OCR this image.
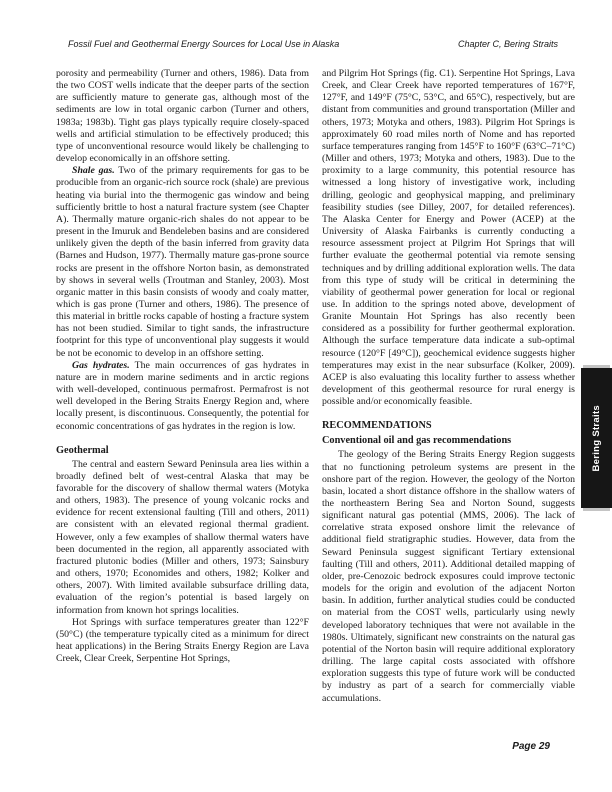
Fossil Fuel and Geothermal Energy Sources for Local Use in Alaska	Chapter C, Bering Straits

porosity and permeability (Turner and others, 1986). Data from the two COST wells indicate that the deeper parts of the section are sufficiently mature to generate gas, although most of the sediments are low in total organic carbon (Turner and others, 1983a; 1983b). Tight gas plays typically require closely-spaced wells and artificial stimulation to be effectively produced; this type of unconventional resource would likely be challenging to develop economically in an offshore setting.

Shale gas. Two of the primary requirements for gas to be producible from an organic-rich source rock (shale) are previous heating via burial into the thermogenic gas window and being sufficiently brittle to host a natural fracture system (see Chapter A). Thermally mature organic-rich shales do not appear to be present in the Imuruk and Bendeleben basins and are considered unlikely given the depth of the basin inferred from gravity data (Barnes and Hudson, 1977). Thermally mature gas-prone source rocks are present in the offshore Norton basin, as demonstrated by shows in several wells (Troutman and Stanley, 2003). Most organic matter in this basin consists of woody and coaly matter, which is gas prone (Turner and others, 1986). The presence of this material in brittle rocks capable of hosting a fracture system has not been studied. Similar to tight sands, the infrastructure footprint for this type of unconventional play suggests it would be not be economic to develop in an offshore setting.

Gas hydrates. The main occurrences of gas hydrates in nature are in modern marine sediments and in arctic regions with well-developed, continuous permafrost. Permafrost is not well developed in the Bering Straits Energy Region and, where locally present, is discontinuous. Consequently, the potential for economic concentrations of gas hydrates in the region is low.

Geothermal

The central and eastern Seward Peninsula area lies within a broadly defined belt of west-central Alaska that may be favorable for the discovery of shallow thermal waters (Motyka and others, 1983). The presence of young volcanic rocks and evidence for recent extensional faulting (Till and others, 2011) are consistent with an elevated regional thermal gradient. However, only a few examples of shallow thermal waters have been documented in the region, all apparently associated with fractured plutonic bodies (Miller and others, 1973; Sainsbury and others, 1970; Economides and others, 1982; Kolker and others, 2007). With limited available subsurface drilling data, evaluation of the region’s potential is based largely on information from known hot springs localities.

Hot Springs with surface temperatures greater than 122°F (50°C) (the temperature typically cited as a minimum for direct heat applications) in the Bering Straits Energy Region are Lava Creek, Clear Creek, Serpentine Hot Springs,

and Pilgrim Hot Springs (fig. C1). Serpentine Hot Springs, Lava Creek, and Clear Creek have reported temperatures of 167°F, 127°F, and 149°F (75°C, 53°C, and 65°C), respectively, but are distant from communities and ground transportation (Miller and others, 1973; Motyka and others, 1983). Pilgrim Hot Springs is approximately 60 road miles north of Nome and has reported surface temperatures ranging from 145°F to 160°F (63°C–71°C) (Miller and others, 1973; Motyka and others, 1983). Due to the proximity to a large community, this potential resource has witnessed a long history of investigative work, including drilling, geologic and geophysical mapping, and preliminary feasibility studies (see Dilley, 2007, for detailed references). The Alaska Center for Energy and Power (ACEP) at the University of Alaska Fairbanks is currently conducting a resource assessment project at Pilgrim Hot Springs that will further evaluate the geothermal potential via remote sensing techniques and by drilling additional exploration wells. The data from this type of study will be critical in determining the viability of geothermal power generation for local or regional use. In addition to the springs noted above, development of Granite Mountain Hot Springs has also recently been considered as a possibility for further geothermal exploration. Although the surface temperature data indicate a sub-optimal resource (120°F [49°C]), geochemical evidence suggests higher temperatures may exist in the near subsurface (Kolker, 2009). ACEP is also evaluating this locality further to assess whether development of this geothermal resource for rural energy is possible and/or economically feasible.

RECOMMENDATIONS
Conventional oil and gas recommendations

The geology of the Bering Straits Energy Region suggests that no functioning petroleum systems are present in the onshore part of the region. However, the geology of the Norton basin, located a short distance offshore in the shallow waters of the northeastern Bering Sea and Norton Sound, suggests significant natural gas potential (MMS, 2006). The lack of correlative strata exposed onshore limit the relevance of additional field stratigraphic studies. However, data from the Seward Peninsula suggest significant Tertiary extensional faulting (Till and others, 2011). Additional detailed mapping of older, pre-Cenozoic bedrock exposures could improve tectonic models for the origin and evolution of the adjacent Norton basin. In addition, further analytical studies could be conducted on material from the COST wells, particularly using newly developed laboratory techniques that were not available in the 1980s. Ultimately, significant new constraints on the natural gas potential of the Norton basin will require additional exploratory drilling. The large capital costs associated with offshore exploration suggests this type of future work will be conducted by industry as part of a search for commercially viable accumulations.

Bering Straits
Page 29
